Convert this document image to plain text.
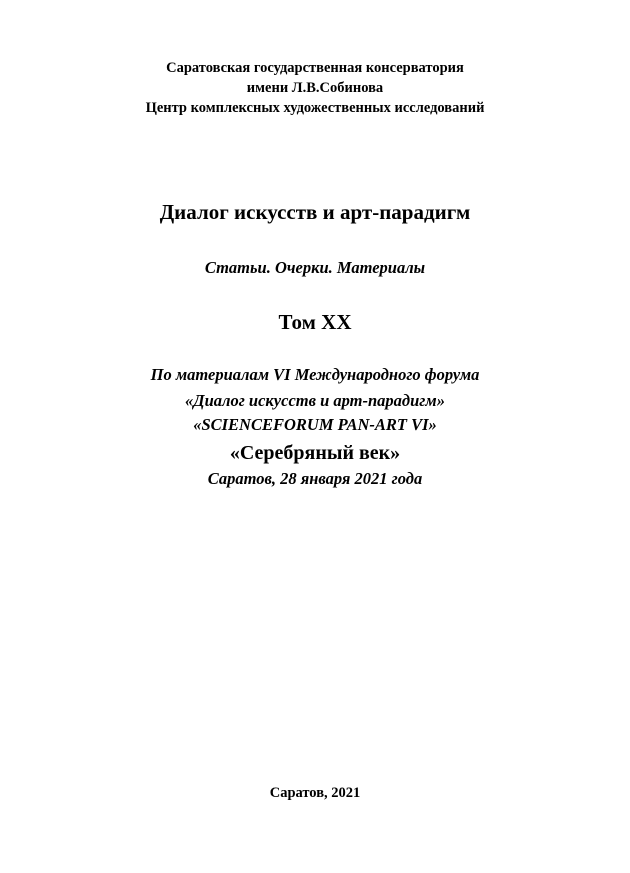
Саратовская государственная консерватория
имени Л.В.Собинова
Центр комплексных художественных исследований
Диалог искусств и арт-парадигм
Статьи. Очерки. Материалы
Том XX
По материалам VI Международного форума
«Диалог искусств и арт-парадигм»
«SCIENCEFORUM PAN-ART VI»
«Серебряный век»
Саратов, 28 января 2021 года
Саратов, 2021
